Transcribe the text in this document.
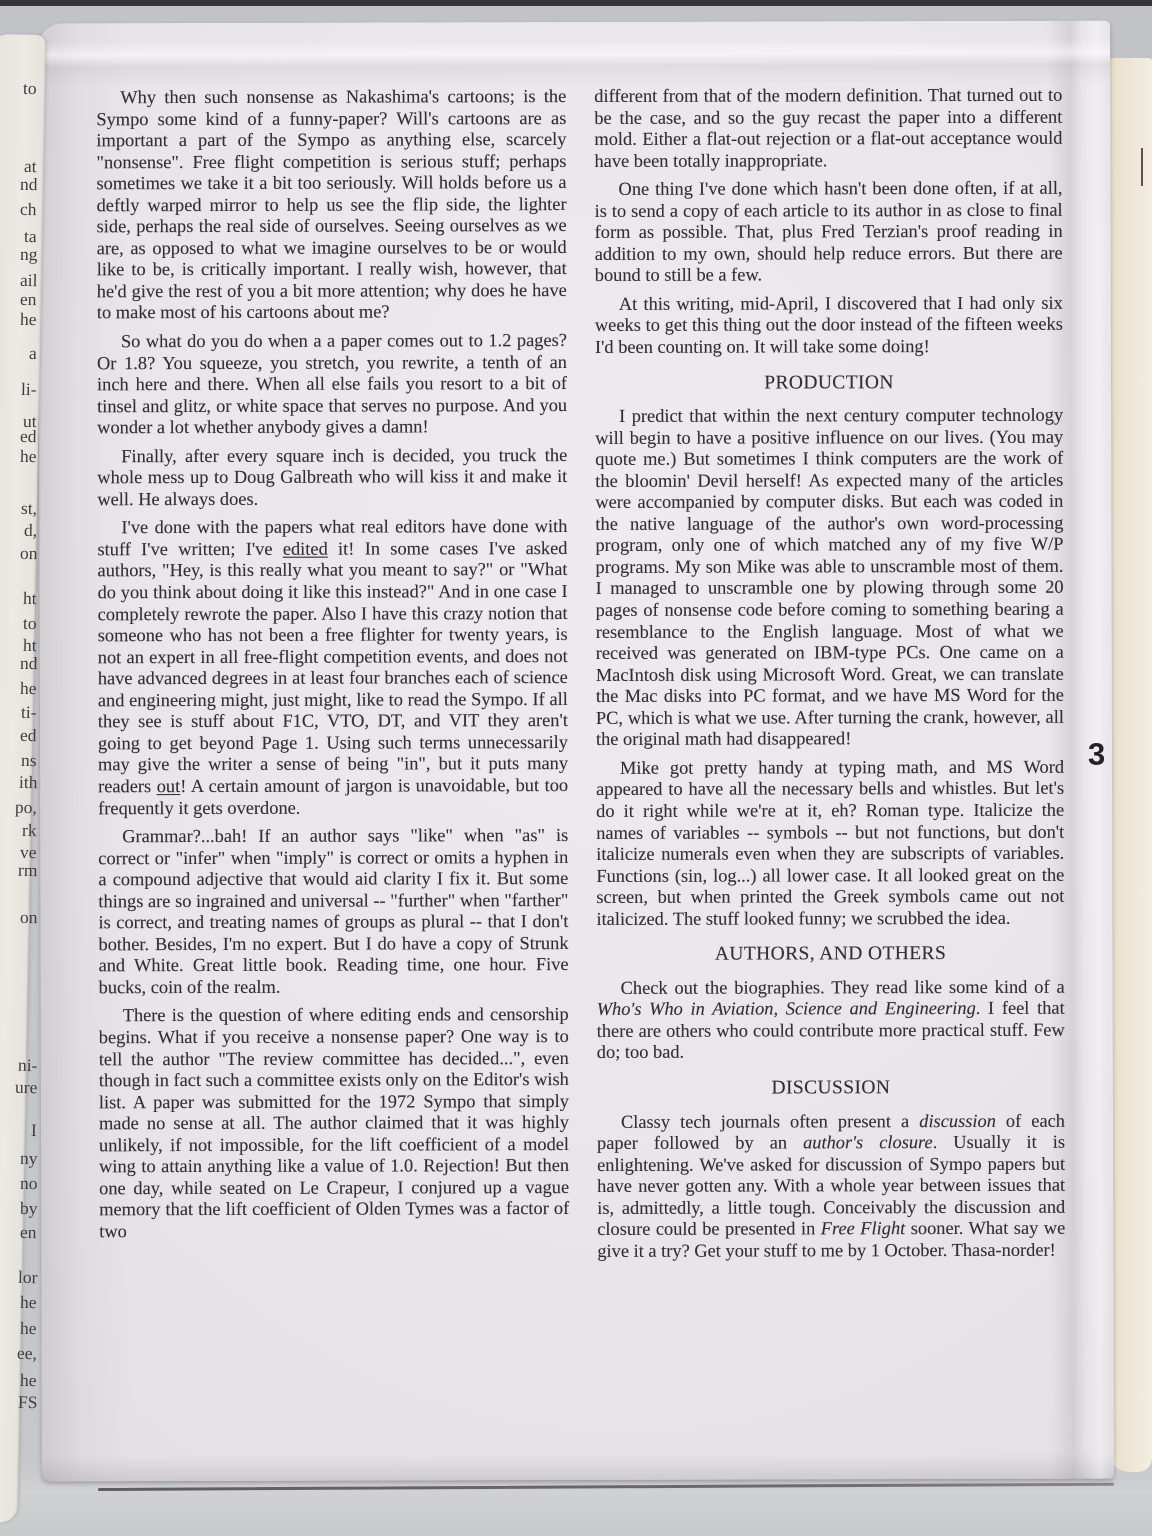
Why then such nonsense as Nakashima's cartoons; is the Sympo some kind of a funny-paper? Will's cartoons are as important a part of the Sympo as anything else, scarcely "nonsense". Free flight competition is serious stuff; perhaps sometimes we take it a bit too seriously. Will holds before us a deftly warped mirror to help us see the flip side, the lighter side, perhaps the real side of ourselves. Seeing ourselves as we are, as opposed to what we imagine ourselves to be or would like to be, is critically important. I really wish, however, that he'd give the rest of you a bit more attention; why does he have to make most of his cartoons about me?

So what do you do when a a paper comes out to 1.2 pages? Or 1.8? You squeeze, you stretch, you rewrite, a tenth of an inch here and there. When all else fails you resort to a bit of tinsel and glitz, or white space that serves no purpose. And you wonder a lot whether anybody gives a damn!

Finally, after every square inch is decided, you truck the whole mess up to Doug Galbreath who will kiss it and make it well. He always does.

I've done with the papers what real editors have done with stuff I've written; I've edited it! In some cases I've asked authors, "Hey, is this really what you meant to say?" or "What do you think about doing it like this instead?" And in one case I completely rewrote the paper. Also I have this crazy notion that someone who has not been a free flighter for twenty years, is not an expert in all free-flight competition events, and does not have advanced degrees in at least four branches each of science and engineering might, just might, like to read the Sympo. If all they see is stuff about F1C, VTO, DT, and VIT they aren't going to get beyond Page 1. Using such terms unnecessarily may give the writer a sense of being "in", but it puts many readers out! A certain amount of jargon is unavoidable, but too frequently it gets overdone.

Grammar?...bah! If an author says "like" when "as" is correct or "infer" when "imply" is correct or omits a hyphen in a compound adjective that would aid clarity I fix it. But some things are so ingrained and universal -- "further" when "farther" is correct, and treating names of groups as plural -- that I don't bother. Besides, I'm no expert. But I do have a copy of Strunk and White. Great little book. Reading time, one hour. Five bucks, coin of the realm.

There is the question of where editing ends and censorship begins. What if you receive a nonsense paper? One way is to tell the author "The review committee has decided...", even though in fact such a committee exists only on the Editor's wish list. A paper was submitted for the 1972 Sympo that simply made no sense at all. The author claimed that it was highly unlikely, if not impossible, for the lift coefficient of a model wing to attain anything like a value of 1.0. Rejection! But then one day, while seated on Le Crapeur, I conjured up a vague memory that the lift coefficient of Olden Tymes was a factor of two

different from that of the modern definition. That turned out to be the case, and so the guy recast the paper into a different mold. Either a flat-out rejection or a flat-out acceptance would have been totally inappropriate.

One thing I've done which hasn't been done often, if at all, is to send a copy of each article to its author in as close to final form as possible. That, plus Fred Terzian's proof reading in addition to my own, should help reduce errors. But there are bound to still be a few.

At this writing, mid-April, I discovered that I had only six weeks to get this thing out the door instead of the fifteen weeks I'd been counting on. It will take some doing!

PRODUCTION

I predict that within the next century computer technology will begin to have a positive influence on our lives. (You may quote me.) But sometimes I think computers are the work of the bloomin' Devil herself! As expected many of the articles were accompanied by computer disks. But each was coded in the native language of the author's own word-processing program, only one of which matched any of my five W/P programs. My son Mike was able to unscramble most of them. I managed to unscramble one by plowing through some 20 pages of nonsense code before coming to something bearing a resemblance to the English language. Most of what we received was generated on IBM-type PCs. One came on a MacIntosh disk using Microsoft Word. Great, we can translate the Mac disks into PC format, and we have MS Word for the PC, which is what we use. After turning the crank, however, all the original math had disappeared!

Mike got pretty handy at typing math, and MS Word appeared to have all the necessary bells and whistles. But let's do it right while we're at it, eh? Roman type. Italicize the names of variables -- symbols -- but not functions, but don't italicize numerals even when they are subscripts of variables. Functions (sin, log...) all lower case. It all looked great on the screen, but when printed the Greek symbols came out not italicized. The stuff looked funny; we scrubbed the idea.

AUTHORS, AND OTHERS

Check out the biographies. They read like some kind of a Who's Who in Aviation, Science and Engineering. I feel that there are others who could contribute more practical stuff. Few do; too bad.

DISCUSSION

Classy tech journals often present a discussion of each paper followed by an author's closure. Usually it is enlightening. We've asked for discussion of Sympo papers but have never gotten any. With a whole year between issues that is, admittedly, a little tough. Conceivably the discussion and closure could be presented in Free Flight sooner. What say we give it a try? Get your stuff to me by 1 October. Thasa-norder!

3
to
at
nd
ch
ta
ng
ail
en
he
a
li-
ut
ed
he
st,
d,
on
ht
to
ht
nd
he
ti-
ed
ns
ith
po,
rk
ve
rm
on
ni-
ure
I
ny
no
by
en
lor
he
he
ee,
he
FS
